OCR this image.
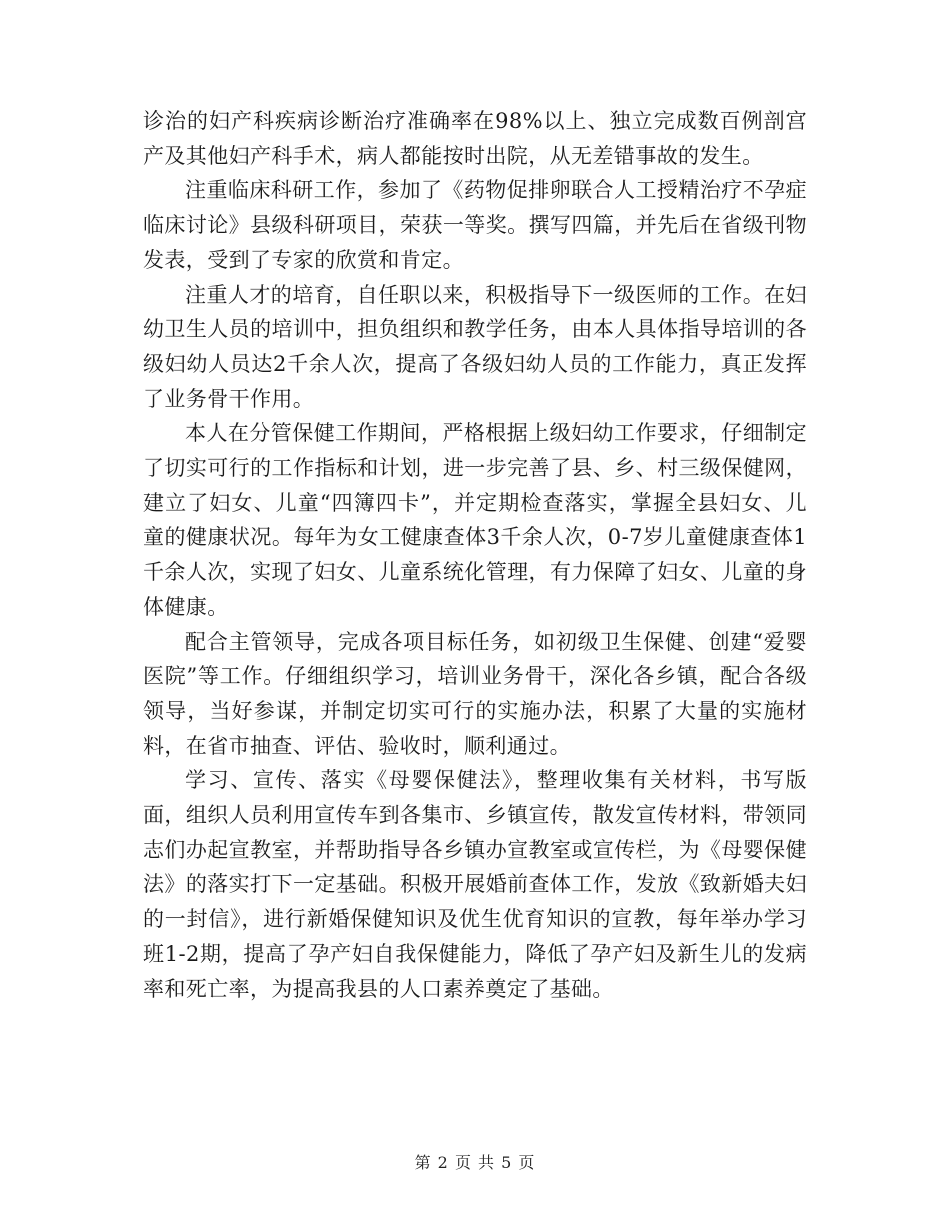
诊治的妇产科疾病诊断治疗准确率在98%以上、独立完成数百例剖宫产及其他妇产科手术，病人都能按时出院，从无差错事故的发生。

注重临床科研工作，参加了《药物促排卵联合人工授精治疗不孕症临床讨论》县级科研项目，荣获一等奖。撰写四篇，并先后在省级刊物发表，受到了专家的欣赏和肯定。

注重人才的培育，自任职以来，积极指导下一级医师的工作。在妇幼卫生人员的培训中，担负组织和教学任务，由本人具体指导培训的各级妇幼人员达2千余人次，提高了各级妇幼人员的工作能力，真正发挥了业务骨干作用。

本人在分管保健工作期间，严格根据上级妇幼工作要求，仔细制定了切实可行的工作指标和计划，进一步完善了县、乡、村三级保健网，建立了妇女、儿童“四簿四卡”，并定期检查落实，掌握全县妇女、儿童的健康状况。每年为女工健康查体3千余人次，0-7岁儿童健康查体1千余人次，实现了妇女、儿童系统化管理，有力保障了妇女、儿童的身体健康。

配合主管领导，完成各项目标任务，如初级卫生保健、创建“爱婴医院”等工作。仔细组织学习，培训业务骨干，深化各乡镇，配合各级领导，当好参谋，并制定切实可行的实施办法，积累了大量的实施材料，在省市抽查、评估、验收时，顺利通过。

学习、宣传、落实《母婴保健法》，整理收集有关材料，书写版面，组织人员利用宣传车到各集市、乡镇宣传，散发宣传材料，带领同志们办起宣教室，并帮助指导各乡镇办宣教室或宣传栏，为《母婴保健法》的落实打下一定基础。积极开展婚前查体工作，发放《致新婚夫妇的一封信》，进行新婚保健知识及优生优育知识的宣教，每年举办学习班1-2期，提高了孕产妇自我保健能力，降低了孕产妇及新生儿的发病率和死亡率，为提高我县的人口素养奠定了基础。

第 2 页 共 5 页
